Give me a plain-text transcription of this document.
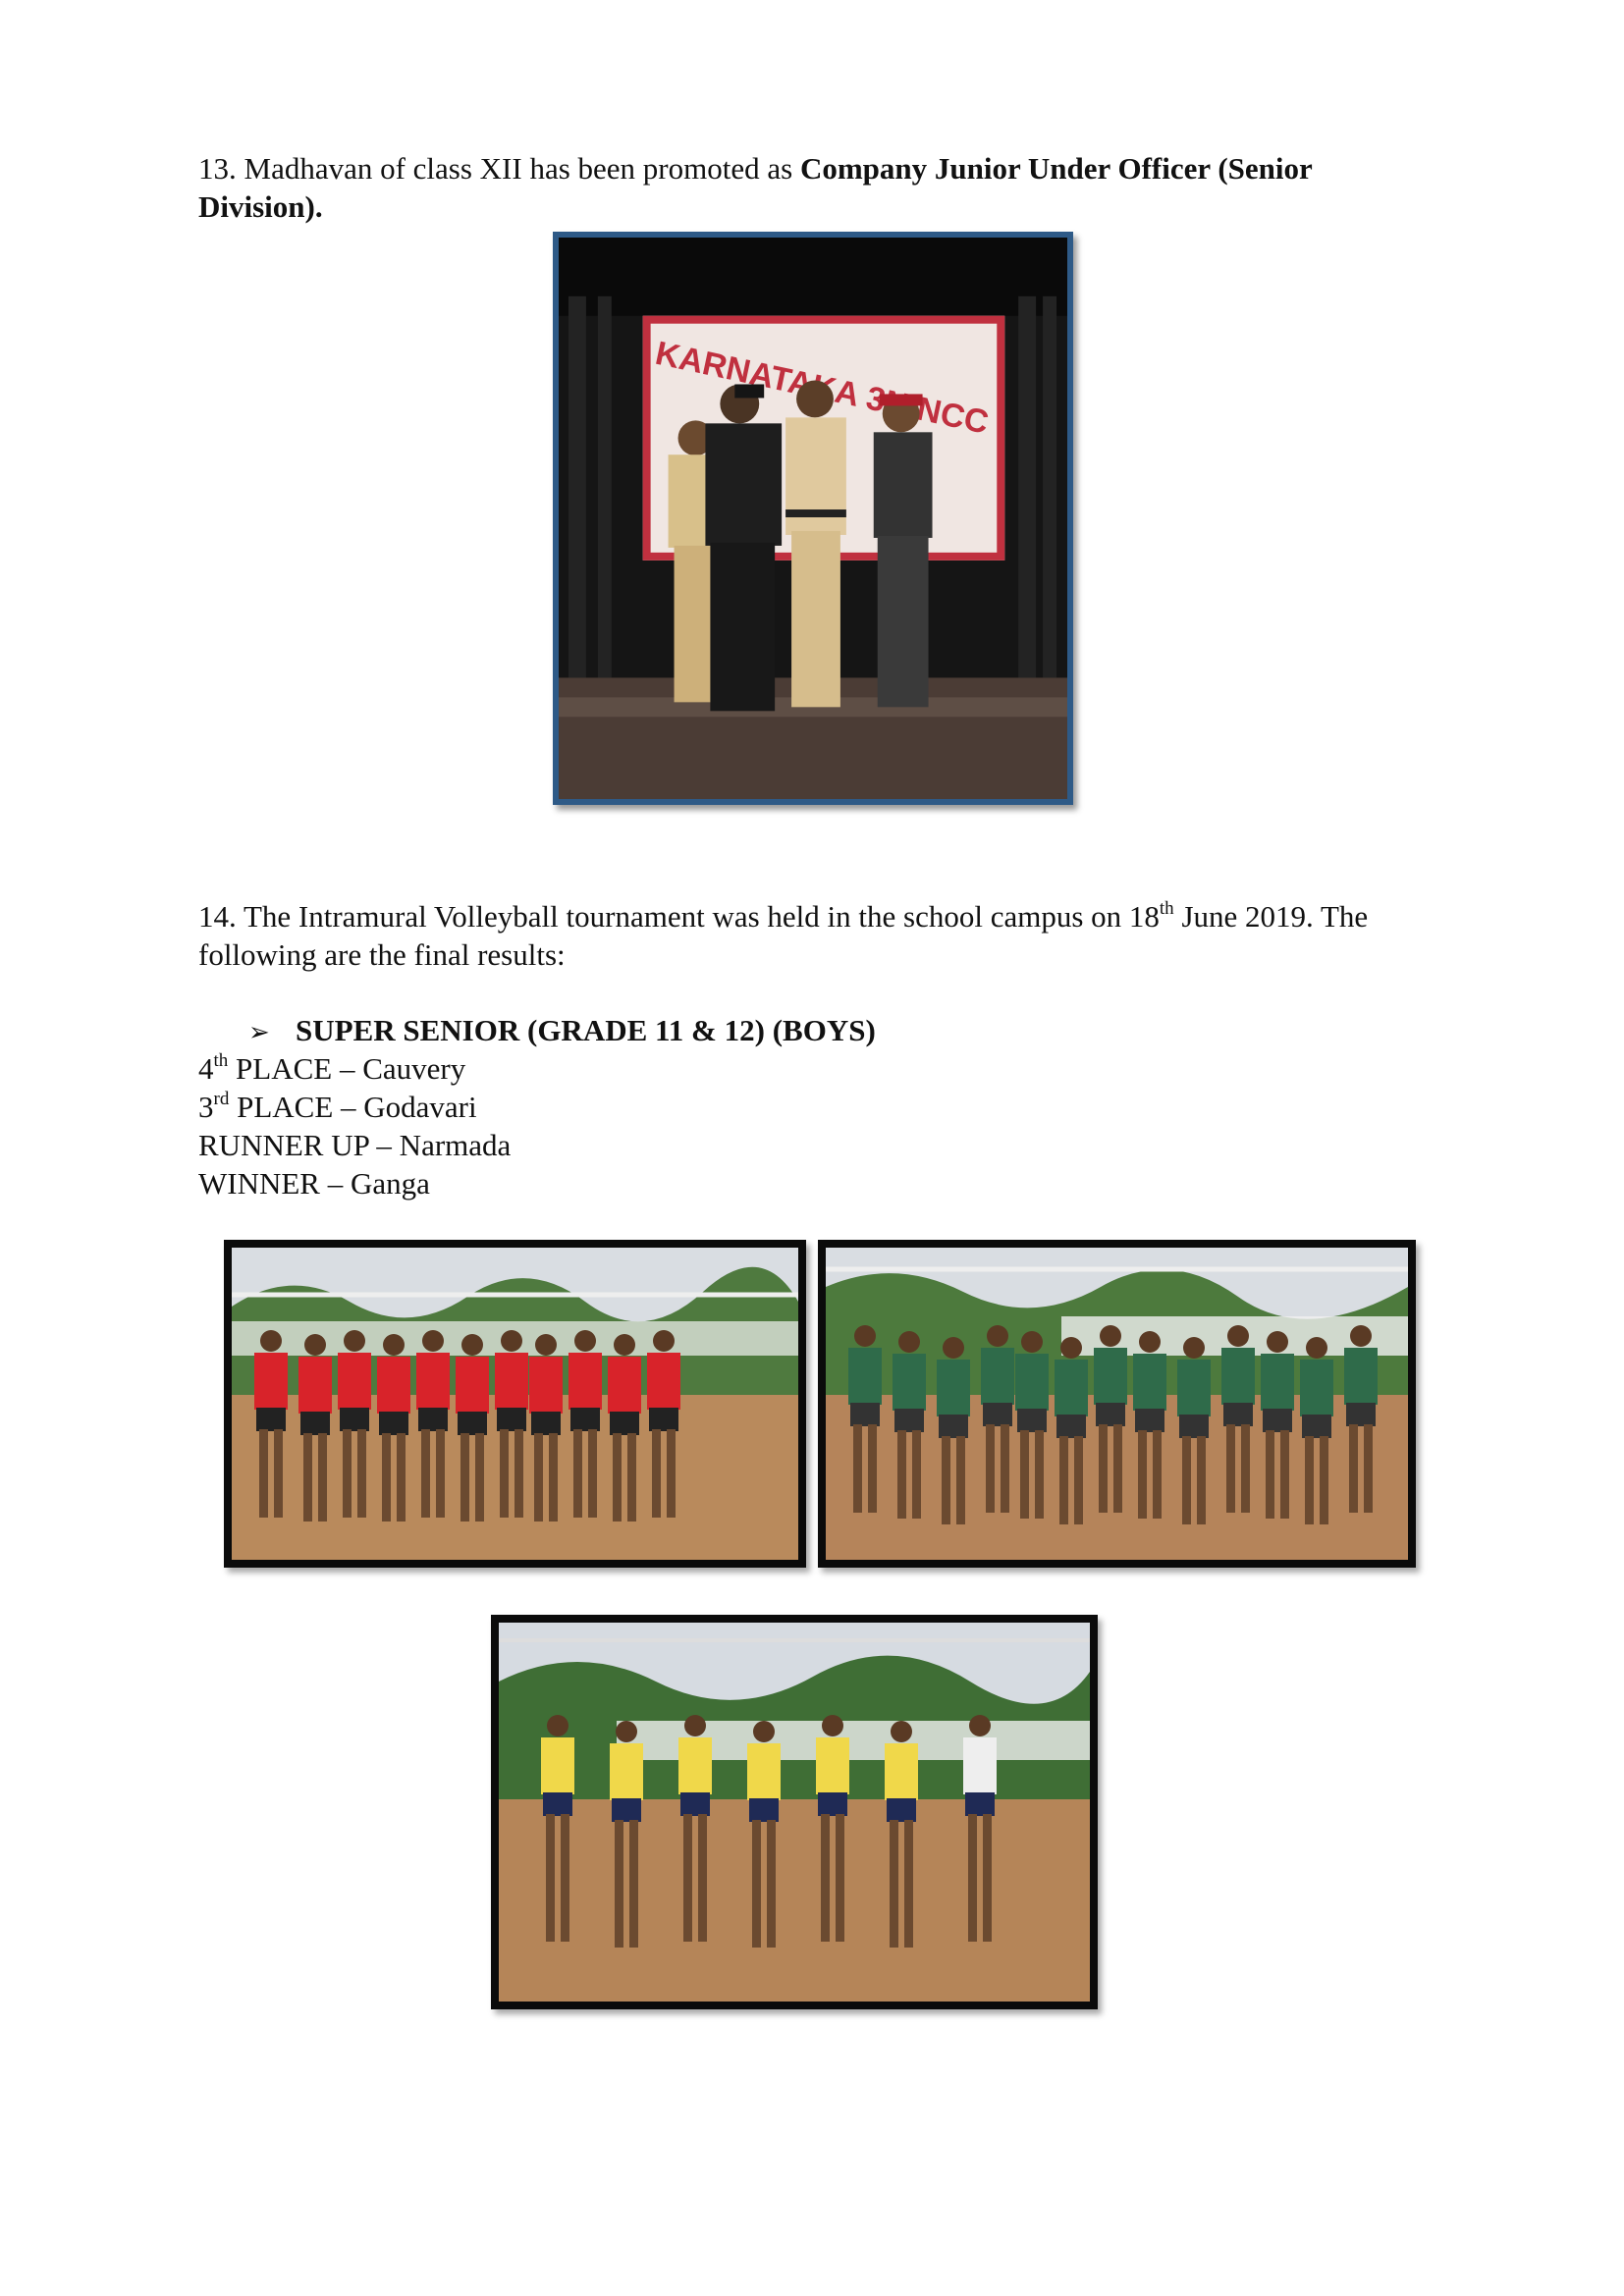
13. Madhavan of class XII has been promoted as Company Junior Under Officer (Senior Division).
KARNATAKA NCC
14. The Intramural Volleyball tournament was held in the school campus on 18th June 2019. The following are the final results:
➢ SUPER SENIOR (GRADE 11 & 12) (BOYS)
4th PLACE – Cauvery
3rd PLACE – Godavari
RUNNER UP – Narmada
WINNER – Ganga
